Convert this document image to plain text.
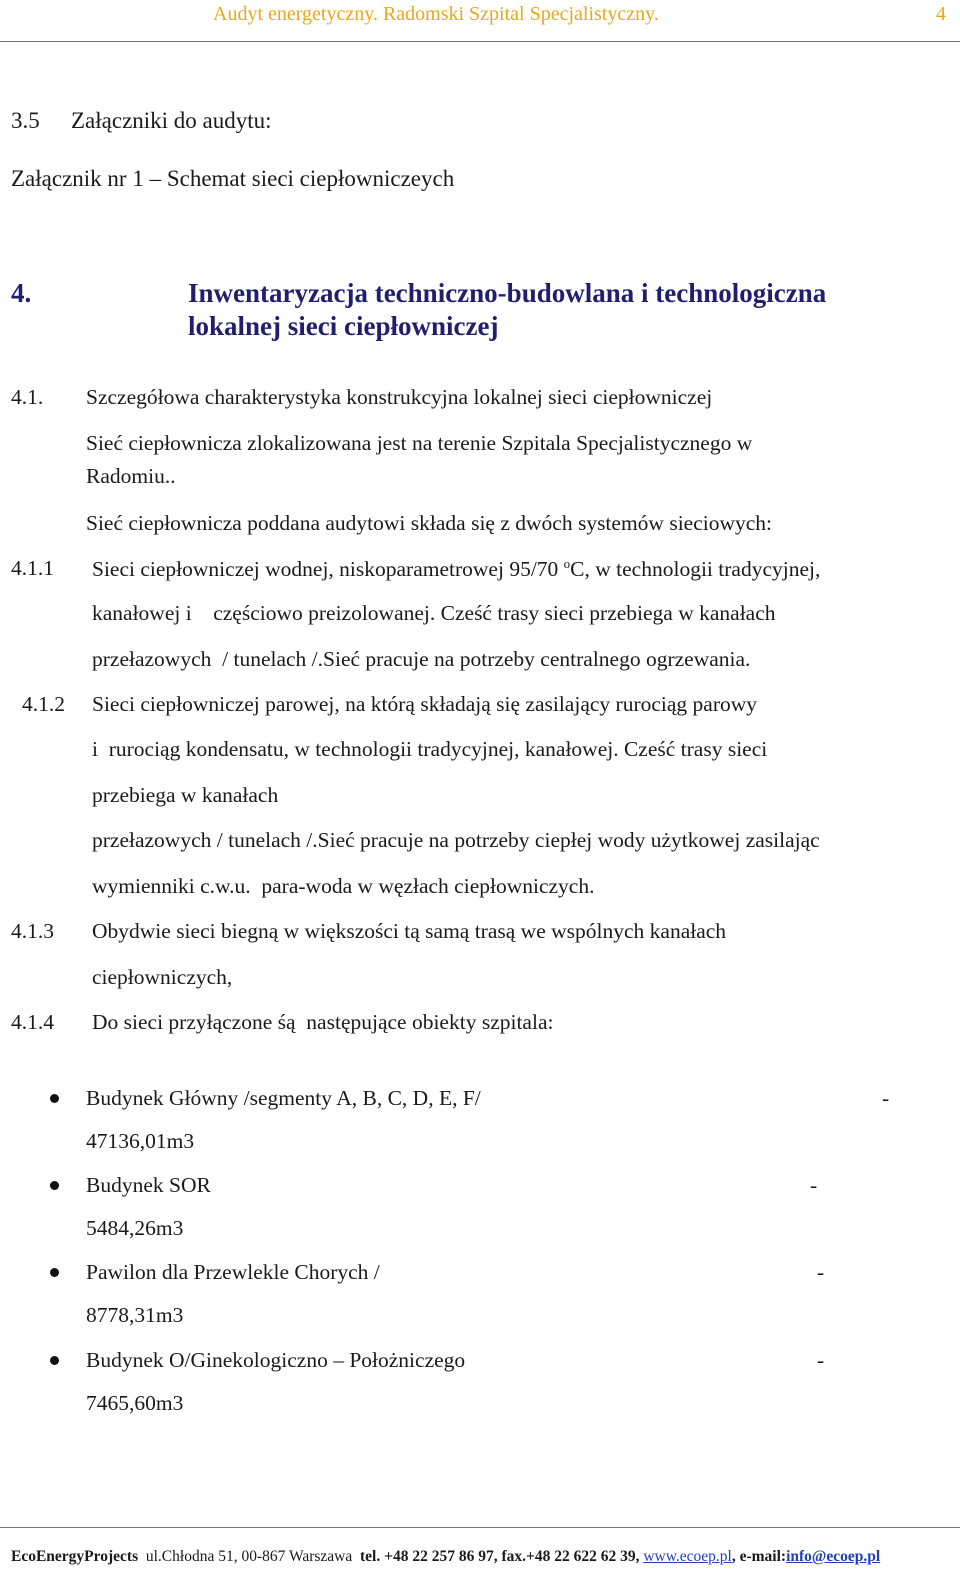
Audyt energetyczny. Radomski Szpital Specjalistyczny.	4
3.5 Załączniki do audytu:
Załącznik nr 1 – Schemat sieci ciepłowniczeych
4.	Inwentaryzacja techniczno-budowlana i technologiczna
lokalnej sieci ciepłowniczej
4.1. Szczegółowa charakterystyka konstrukcyjna lokalnej sieci ciepłowniczej
Sieć ciepłownicza zlokalizowana jest na terenie Szpitala Specjalistycznego w
Radomiu..
Sieć ciepłownicza poddana audytowi składa się z dwóch systemów sieciowych:
4.1.1 Sieci ciepłowniczej wodnej, niskoparametrowej 95/70 $^o$C, w technologii tradycyjnej,
kanałowej i    częściowo preizolowanej. Cześć trasy sieci przebiega w kanałach
przełazowych  / tunelach /.Sieć pracuje na potrzeby centralnego ogrzewania.
4.1.2 Sieci ciepłowniczej parowej, na którą składają się zasilający rurociąg parowy
i  rurociąg kondensatu, w technologii tradycyjnej, kanałowej. Cześć trasy sieci
przebiega w kanałach
przełazowych / tunelach /.Sieć pracuje na potrzeby ciepłej wody użytkowej zasilając
wymienniki c.w.u.  para-woda w węzłach ciepłowniczych.
4.1.3 Obydwie sieci biegną w większości tą samą trasą we wspólnych kanałach
ciepłowniczych,
4.1.4 Do sieci przyłączone śą  następujące obiekty szpitala:
Budynek Główny /segmenty A, B, C, D, E, F/	-
47136,01m3
Budynek SOR	-
5484,26m3
Pawilon dla Przewlekle Chorych /	-
8778,31m3
Budynek O/Ginekologiczno – Położniczego	-
7465,60m3
EcoEnergyProjects ul.Chłodna 51, 00-867 Warszawa tel. +48 22 257 86 97, fax.+48 22 622 62 39, www.ecoep.pl, e-mail:info@ecoep.pl
